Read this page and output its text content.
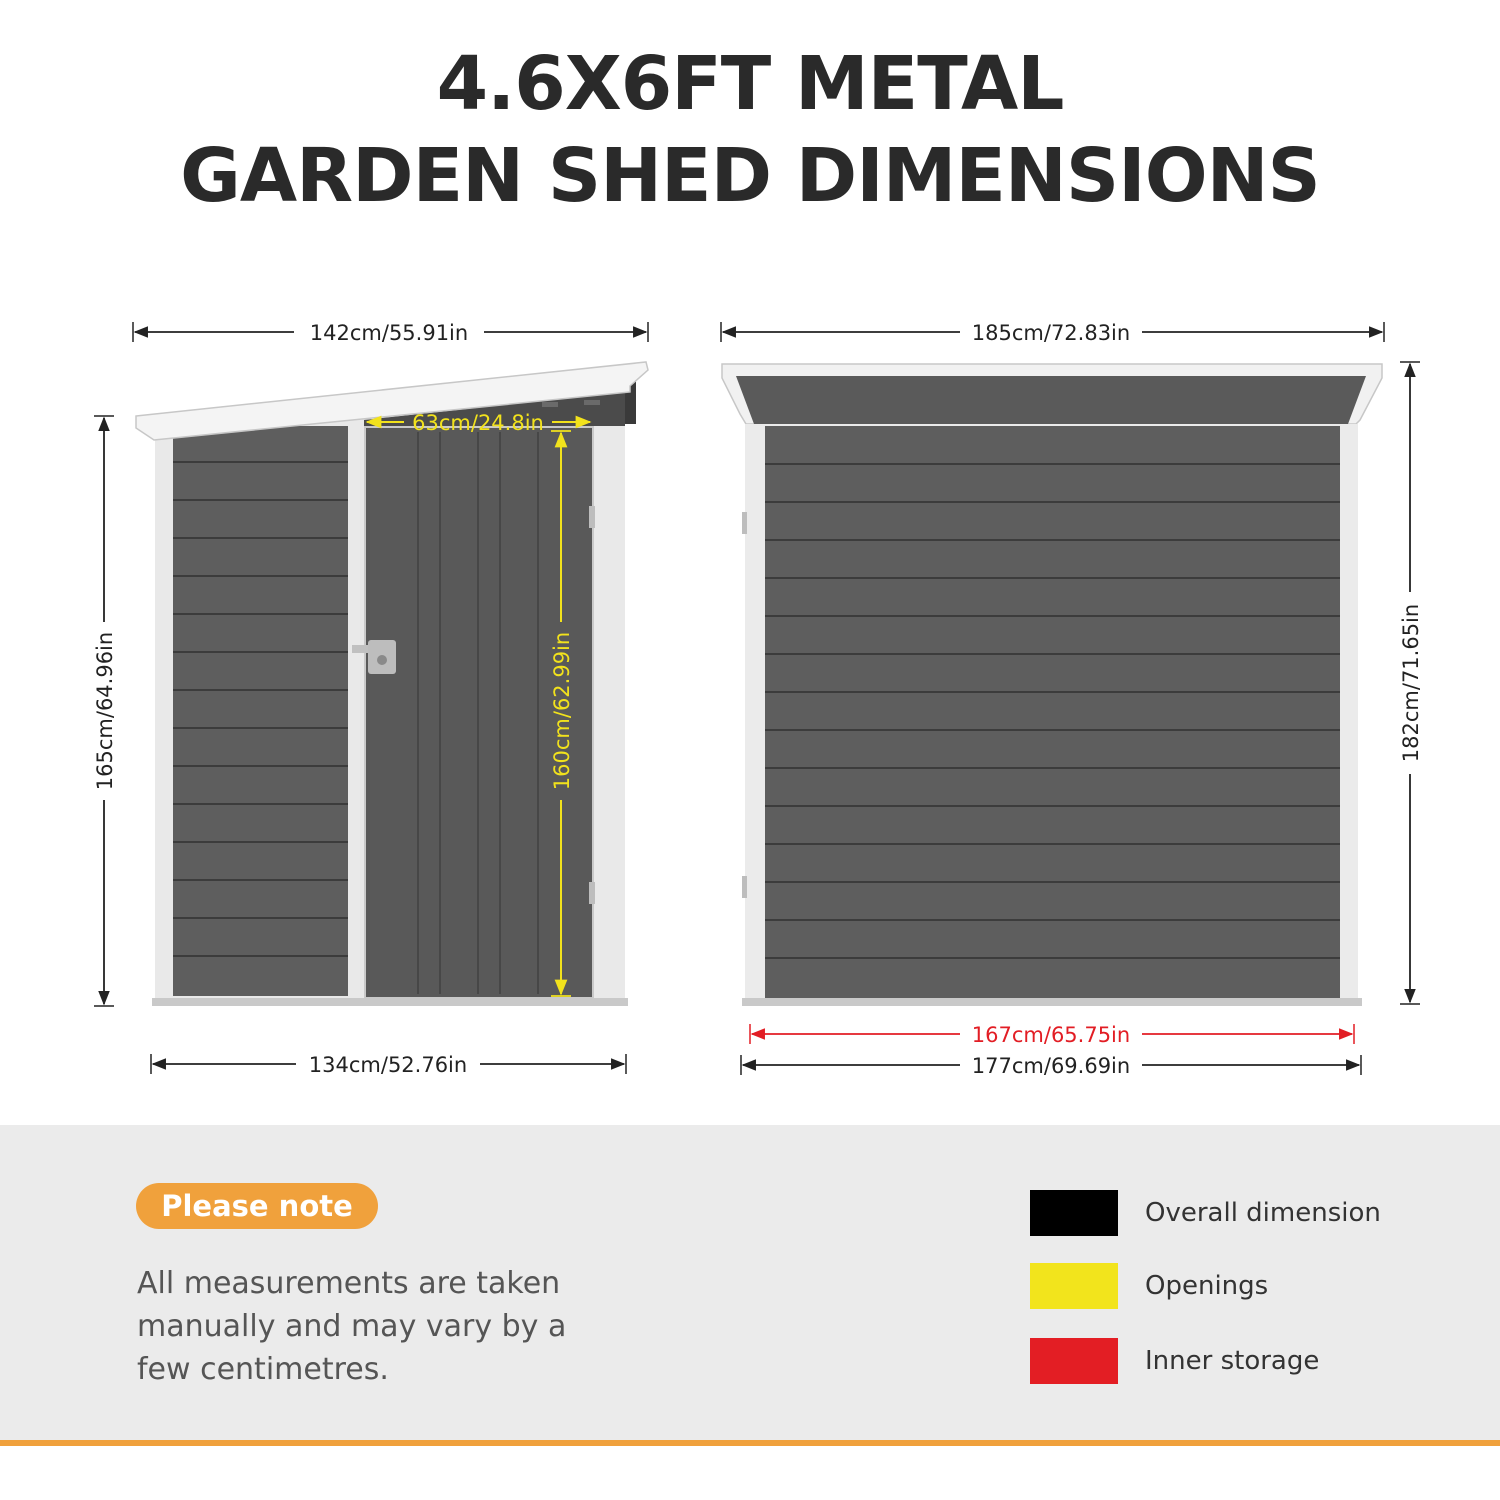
4.6X6FT METAL
GARDEN SHED DIMENSIONS
142cm/55.91in
134cm/52.76in
165cm/64.96in
63cm/24.8in
160cm/62.99in
185cm/72.83in
182cm/71.65in
167cm/65.75in
177cm/69.69in
Please note
All measurements are taken manually and may vary by a few centimetres.
Overall dimension
Openings
Inner storage
